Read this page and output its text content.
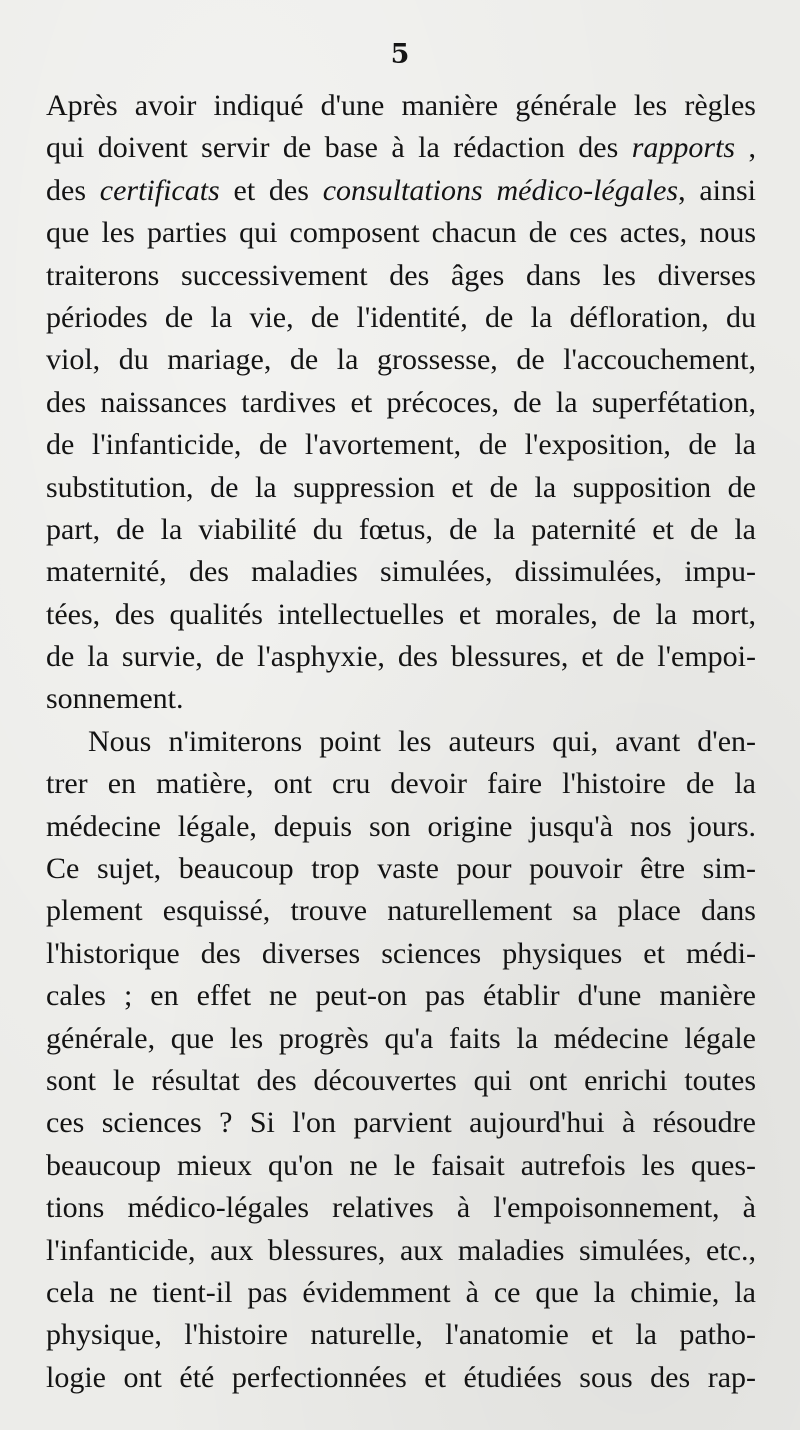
5
Après avoir indiqué d'une manière générale les règles
qui doivent servir de base à la rédaction des rapports ,
des certificats et des consultations médico-légales, ainsi
que les parties qui composent chacun de ces actes, nous
traiterons successivement des âges dans les diverses
périodes de la vie, de l'identité, de la défloration, du
viol, du mariage, de la grossesse, de l'accouchement,
des naissances tardives et précoces, de la superfétation,
de l'infanticide, de l'avortement, de l'exposition, de la
substitution, de la suppression et de la supposition de
part, de la viabilité du fœtus, de la paternité et de la
maternité, des maladies simulées, dissimulées, impu-
tées, des qualités intellectuelles et morales, de la mort,
de la survie, de l'asphyxie, des blessures, et de l'empoi-
sonnement.
Nous n'imiterons point les auteurs qui, avant d'en-
trer en matière, ont cru devoir faire l'histoire de la
médecine légale, depuis son origine jusqu'à nos jours.
Ce sujet, beaucoup trop vaste pour pouvoir être sim-
plement esquissé, trouve naturellement sa place dans
l'historique des diverses sciences physiques et médi-
cales ; en effet ne peut-on pas établir d'une manière
générale, que les progrès qu'a faits la médecine légale
sont le résultat des découvertes qui ont enrichi toutes
ces sciences ? Si l'on parvient aujourd'hui à résoudre
beaucoup mieux qu'on ne le faisait autrefois les ques-
tions médico-légales relatives à l'empoisonnement, à
l'infanticide, aux blessures, aux maladies simulées, etc.,
cela ne tient-il pas évidemment à ce que la chimie, la
physique, l'histoire naturelle, l'anatomie et la patho-
logie ont été perfectionnées et étudiées sous des rap-
